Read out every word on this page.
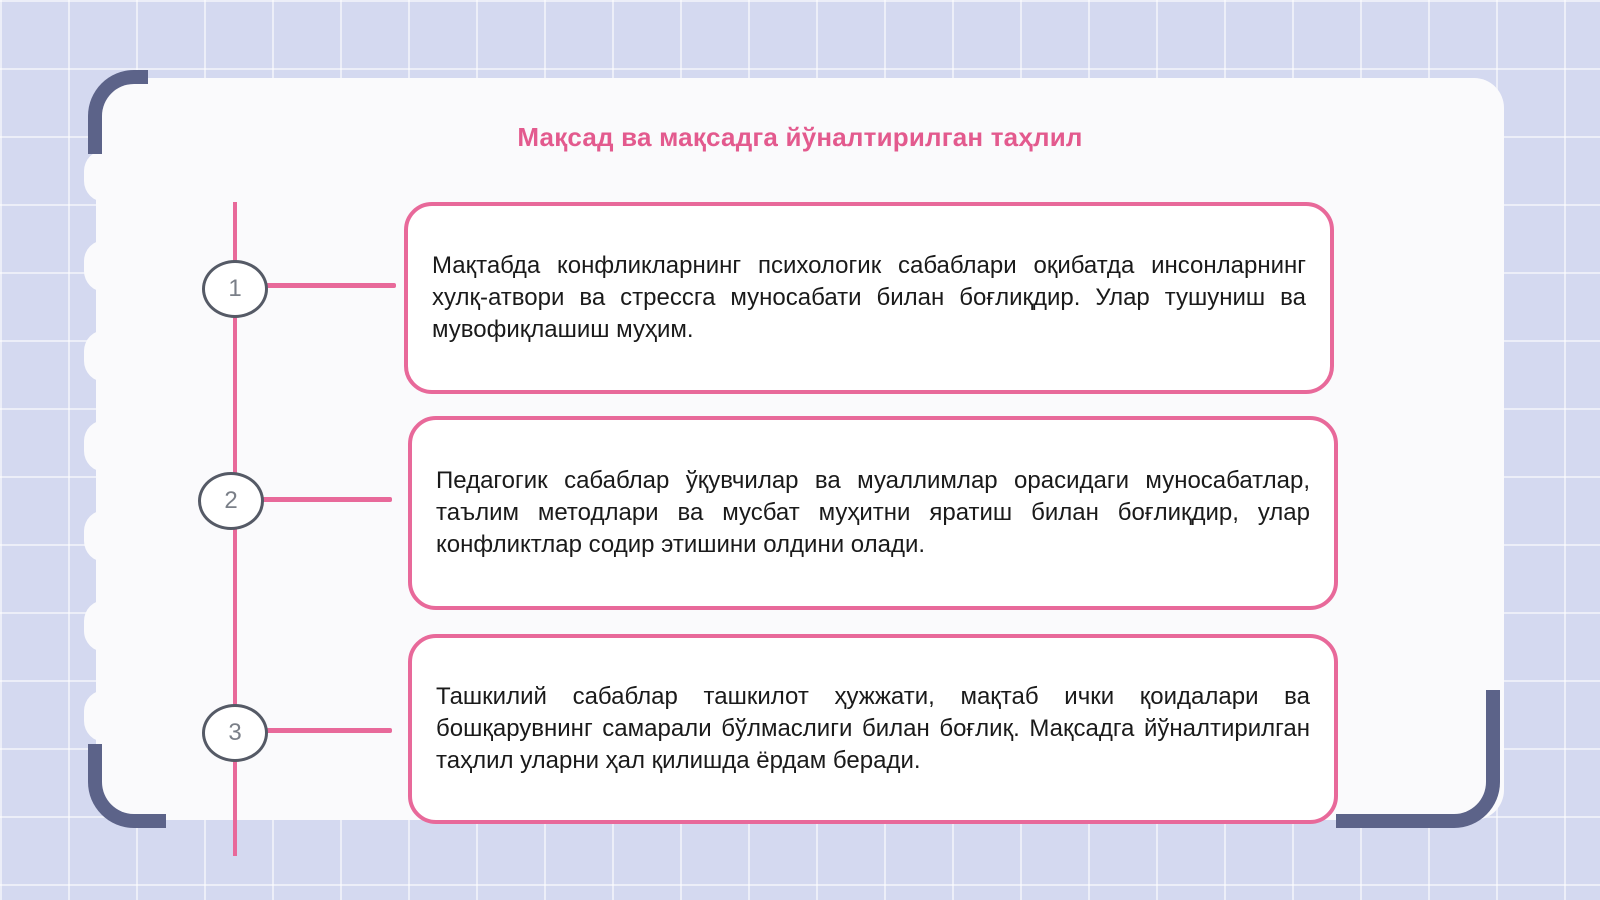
Мақсад ва мақсадга йўналтирилган таҳлил
1
2
3
Мақтабда конфликларнинг психологик сабаблари оқибатда инсонларнинг хулқ-атвори ва стрессга муносабати билан боғлиқдир. Улар тушуниш ва мувофиқлашиш муҳим.
Педагогик сабаблар ўқувчилар ва муаллимлар орасидаги муносабатлар, таълим методлари ва мусбат муҳитни яратиш билан боғлиқдир, улар конфликтлар содир этишини олдини олади.
Ташкилий сабаблар ташкилот ҳужжати, мақтаб ички қоидалари ва бошқарувнинг самарали бўлмаслиги билан боғлиқ. Мақсадга йўналтирилган таҳлил уларни ҳал қилишда ёрдам беради.
